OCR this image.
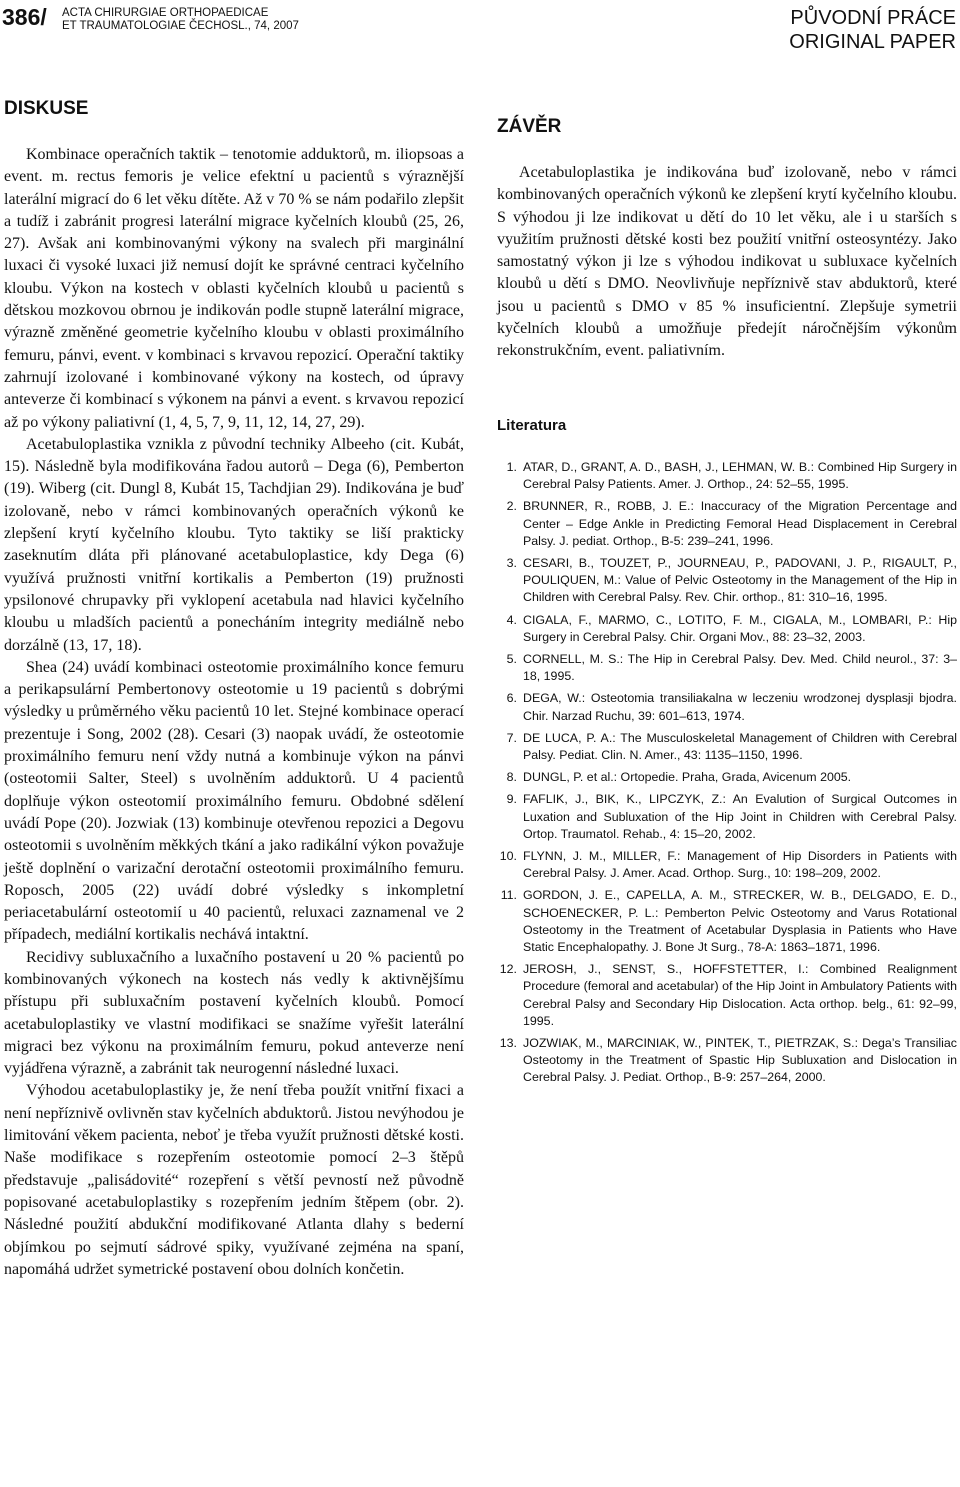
386/ ACTA CHIRURGIAE ORTHOPAEDICAE
ET TRAUMATOLOGIAE ČECHOSL., 74, 2007	PŮVODNÍ PRÁCE
ORIGINAL PAPER
DISKUSE

Kombinace operačních taktik – tenotomie adduktorů, m. iliopsoas a event. m. rectus femoris je velice efektní u pacientů s výraznější laterální migrací do 6 let věku dítěte. Až v 70 % se nám podařilo zlepšit a tudíž i zabránit progresi laterální migrace kyčelních kloubů (25, 26, 27). Avšak ani kombinovanými výkony na svalech při marginální luxaci či vysoké luxaci již nemusí dojít ke správné centraci kyčelního kloubu. Výkon na kostech v oblasti kyčelních kloubů u pacientů s dětskou mozkovou obrnou je indikován podle stupně laterální migrace, výrazně změněné geometrie kyčelního kloubu v oblasti proximálního femuru, pánvi, event. v kombinaci s krvavou repozicí. Operační taktiky zahrnují izolované i kombinované výkony na kostech, od úpravy anteverze či kombinací s výkonem na pánvi a event. s krvavou repozicí až po výkony paliativní (1, 4, 5, 7, 9, 11, 12, 14, 27, 29).

Acetabuloplastika vznikla z původní techniky Albeeho (cit. Kubát, 15). Následně byla modifikována řadou autorů – Dega (6), Pemberton (19). Wiberg (cit. Dungl 8, Kubát 15, Tachdjian 29). Indikována je buď izolovaně, nebo v rámci kombinovaných operačních výkonů ke zlepšení krytí kyčelního kloubu. Tyto taktiky se liší prakticky zaseknutím dláta při plánované acetabuloplastice, kdy Dega (6) využívá pružnosti vnitřní kortikalis a Pemberton (19) pružnosti ypsilonové chrupavky při vyklopení acetabula nad hlavici kyčelního kloubu u mladších pacientů a ponecháním integrity mediálně nebo dorzálně (13, 17, 18).

Shea (24) uvádí kombinaci osteotomie proximálního konce femuru a perikapsulární Pembertonovy osteotomie u 19 pacientů s dobrými výsledky u průměrného věku pacientů 10 let. Stejné kombinace operací prezentuje i Song, 2002 (28). Cesari (3) naopak uvádí, že osteotomie proximálního femuru není vždy nutná a kombinuje výkon na pánvi (osteotomii Salter, Steel) s uvolněním adduktorů. U 4 pacientů doplňuje výkon osteotomií proximálního femuru. Obdobné sdělení uvádí Pope (20). Jozwiak (13) kombinuje otevřenou repozici a Degovu osteotomii s uvolněním měkkých tkání a jako radikální výkon považuje ještě doplnění o varizační derotační osteotomii proximálního femuru. Roposch, 2005 (22) uvádí dobré výsledky s inkompletní periacetabulární osteotomií u 40 pacientů, reluxaci zaznamenal ve 2 případech, mediální kortikalis nechává intaktní.

Recidivy subluxačního a luxačního postavení u 20 % pacientů po kombinovaných výkonech na kostech nás vedly k aktivnějšímu přístupu při subluxačním postavení kyčelních kloubů. Pomocí acetabuloplastiky ve vlastní modifikaci se snažíme vyřešit laterální migraci bez výkonu na proximálním femuru, pokud anteverze není vyjádřena výrazně, a zabránit tak neurogenní následné luxaci.

Výhodou acetabuloplastiky je, že není třeba použít vnitřní fixaci a není nepříznivě ovlivněn stav kyčelních abduktorů. Jistou nevýhodou je limitování věkem pacienta, neboť je třeba využít pružnosti dětské kosti. Naše modifikace s rozepřením osteotomie pomocí 2–3 štěpů představuje „palisádovité“ rozepření s větší pevností než původně popisované acetabuloplastiky s rozepřením jedním štěpem (obr. 2). Následné použití abdukční modifikované Atlanta dlahy s bederní objímkou po sejmutí sádrové spiky, využívané zejména na spaní, napomáhá udržet symetrické postavení obou dolních končetin.

ZÁVĚR

Acetabuloplastika je indikována buď izolovaně, nebo v rámci kombinovaných operačních výkonů ke zlepšení krytí kyčelního kloubu. S výhodou ji lze indikovat u dětí do 10 let věku, ale i u starších s využitím pružnosti dětské kosti bez použití vnitřní osteosyntézy. Jako samostatný výkon ji lze s výhodou indikovat u subluxace kyčelních kloubů u dětí s DMO. Neovlivňuje nepříznivě stav abduktorů, které jsou u pacientů s DMO v 85 % insuficientní. Zlepšuje symetrii kyčelních kloubů a umožňuje předejít náročnějším výkonům rekonstrukčním, event. paliativním.

Literatura
1. ATAR, D., GRANT, A. D., BASH, J., LEHMAN, W. B.: Combined Hip Surgery in Cerebral Palsy Patients. Amer. J. Orthop., 24: 52–55, 1995.
2. BRUNNER, R., ROBB, J. E.: Inaccuracy of the Migration Percentage and Center – Edge Ankle in Predicting Femoral Head Displacement in Cerebral Palsy. J. pediat. Orthop., B-5: 239–241, 1996.
3. CESARI, B., TOUZET, P., JOURNEAU, P., PADOVANI, J. P., RIGAULT, P., POULIQUEN, M.: Value of Pelvic Osteotomy in the Management of the Hip in Children with Cerebral Palsy. Rev. Chir. orthop., 81: 310–16, 1995.
4. CIGALA, F., MARMO, C., LOTITO, F. M., CIGALA, M., LOMBARI, P.: Hip Surgery in Cerebral Palsy. Chir. Organi Mov., 88: 23–32, 2003.
5. CORNELL, M. S.: The Hip in Cerebral Palsy. Dev. Med. Child neurol., 37: 3–18, 1995.
6. DEGA, W.: Osteotomia transiliakalna w leczeniu wrodzonej dysplasji bjodra. Chir. Narzad Ruchu, 39: 601–613, 1974.
7. DE LUCA, P. A.: The Musculoskeletal Management of Children with Cerebral Palsy. Pediat. Clin. N. Amer., 43: 1135–1150, 1996.
8. DUNGL, P. et al.: Ortopedie. Praha, Grada, Avicenum 2005.
9. FAFLIK, J., BIK, K., LIPCZYK, Z.: An Evalution of Surgical Outcomes in Luxation and Subluxation of the Hip Joint in Children with Cerebral Palsy. Ortop. Traumatol. Rehab., 4: 15–20, 2002.
10. FLYNN, J. M., MILLER, F.: Management of Hip Disorders in Patients with Cerebral Palsy. J. Amer. Acad. Orthop. Surg., 10: 198–209, 2002.
11. GORDON, J. E., CAPELLA, A. M., STRECKER, W. B., DELGADO, E. D., SCHOENECKER, P. L.: Pemberton Pelvic Osteotomy and Varus Rotational Osteotomy in the Treatment of Acetabular Dysplasia in Patients who Have Static Encephalopathy. J. Bone Jt Surg., 78-A: 1863–1871, 1996.
12. JEROSH, J., SENST, S., HOFFSTETTER, I.: Combined Realignment Procedure (femoral and acetabular) of the Hip Joint in Ambulatory Patients with Cerebral Palsy and Secondary Hip Dislocation. Acta orthop. belg., 61: 92–99, 1995.
13. JOZWIAK, M., MARCINIAK, W., PINTEK, T., PIETRZAK, S.: Dega’s Transiliac Osteotomy in the Treatment of Spastic Hip Subluxation and Dislocation in Cerebral Palsy. J. Pediat. Orthop., B-9: 257–264, 2000.
